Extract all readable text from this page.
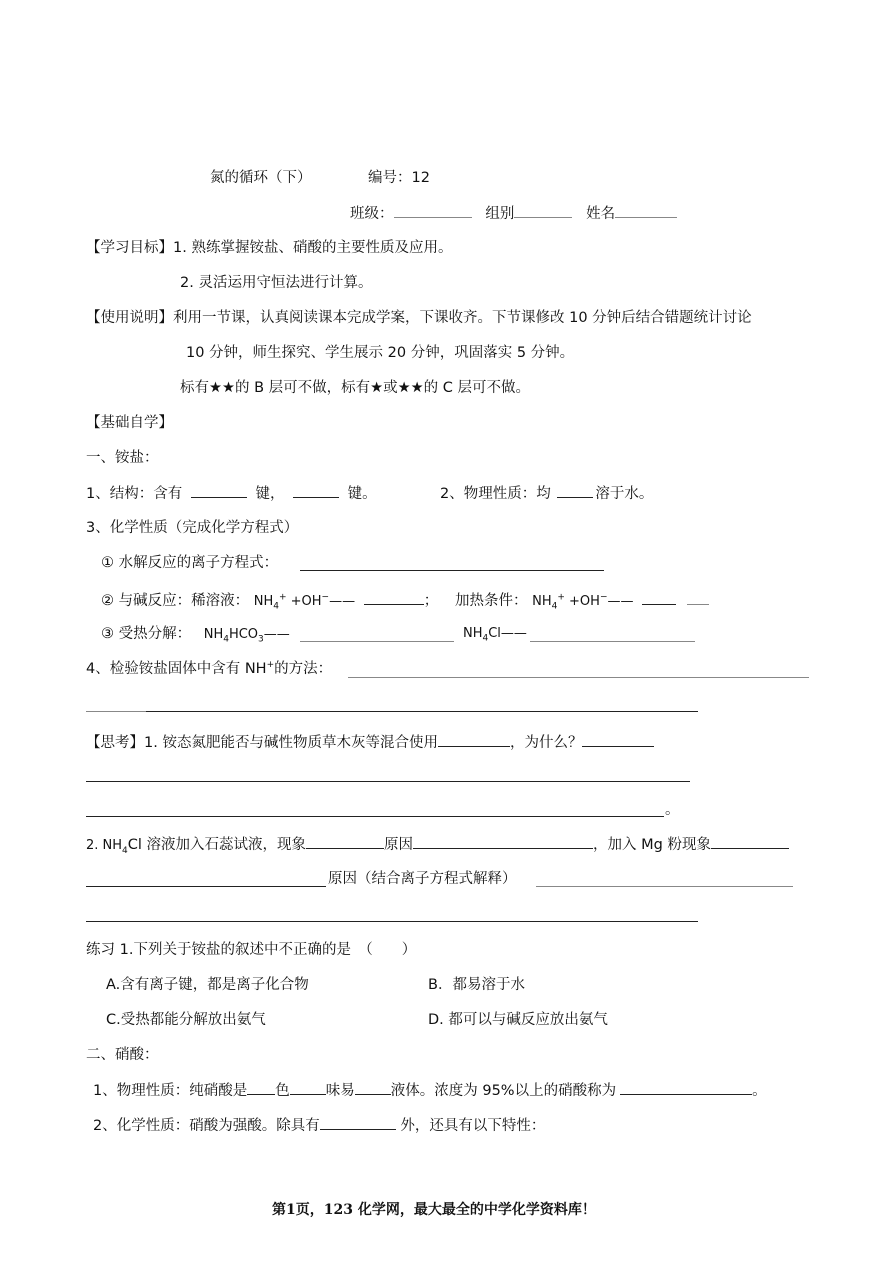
氮的循环（下）	编号：12
班级：	组别	姓名
【学习目标】1. 熟练掌握铵盐、硝酸的主要性质及应用。
2. 灵活运用守恒法进行计算。
【使用说明】利用一节课，认真阅读课本完成学案，下课收齐。下节课修改 10 分钟后结合错题统计讨论
10 分钟，师生探究、学生展示 20 分钟，巩固落实 5 分钟。
标有★★的 B 层可不做，标有★或★★的 C 层可不做。
【基础自学】
一、铵盐：
1、结构：含有	键，	键。	2、物理性质：均	溶于水。
3、化学性质（完成化学方程式）
① 水解反应的离子方程式：
② 与碱反应：稀溶液： $NH_4^+$ +OH−——	； 加热条件： $NH_4^+$ +OH−——
③ 受热分解： $NH_4HCO_3——$	$NH_4Cl——$
4、检验铵盐固体中含有 NH+的方法：
【思考】1. 铵态氮肥能否与碱性物质草木灰等混合使用	，为什么？
。
2. $NH_4Cl$ 溶液加入石蕊试液，现象	原因	，加入 Mg 粉现象
原因（结合离子方程式解释）
练习 1.下列关于铵盐的叙述中不正确的是　（　　）
A.含有离子键，都是离子化合物	B．都易溶于水
C.受热都能分解放出氨气	D. 都可以与碱反应放出氨气
二、硝酸：
1、物理性质：纯硝酸是 色 味易 液体。浓度为 95%以上的硝酸称为	。
2、化学性质：硝酸为强酸。除具有	外，还具有以下特性：
第1页，123 化学网，最大最全的中学化学资料库！
